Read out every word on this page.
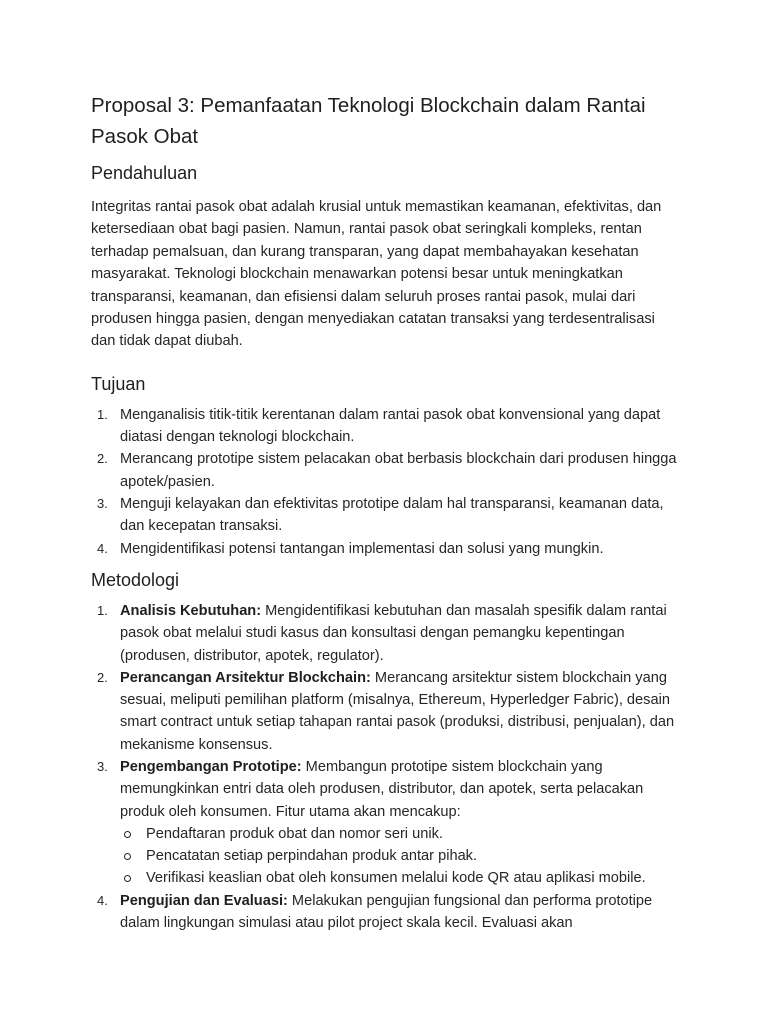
Proposal 3: Pemanfaatan Teknologi Blockchain dalam Rantai Pasok Obat
Pendahuluan

Integritas rantai pasok obat adalah krusial untuk memastikan keamanan, efektivitas, dan ketersediaan obat bagi pasien. Namun, rantai pasok obat seringkali kompleks, rentan terhadap pemalsuan, dan kurang transparan, yang dapat membahayakan kesehatan masyarakat. Teknologi blockchain menawarkan potensi besar untuk meningkatkan transparansi, keamanan, dan efisiensi dalam seluruh proses rantai pasok, mulai dari produsen hingga pasien, dengan menyediakan catatan transaksi yang terdesentralisasi dan tidak dapat diubah.

Tujuan
1. Menganalisis titik-titik kerentanan dalam rantai pasok obat konvensional yang dapat diatasi dengan teknologi blockchain.
2. Merancang prototipe sistem pelacakan obat berbasis blockchain dari produsen hingga apotek/pasien.
3. Menguji kelayakan dan efektivitas prototipe dalam hal transparansi, keamanan data, dan kecepatan transaksi.
4. Mengidentifikasi potensi tantangan implementasi dan solusi yang mungkin.
Metodologi
1. Analisis Kebutuhan: Mengidentifikasi kebutuhan dan masalah spesifik dalam rantai pasok obat melalui studi kasus dan konsultasi dengan pemangku kepentingan (produsen, distributor, apotek, regulator).
2. Perancangan Arsitektur Blockchain: Merancang arsitektur sistem blockchain yang sesuai, meliputi pemilihan platform (misalnya, Ethereum, Hyperledger Fabric), desain smart contract untuk setiap tahapan rantai pasok (produksi, distribusi, penjualan), dan mekanisme konsensus.
3. Pengembangan Prototipe: Membangun prototipe sistem blockchain yang memungkinkan entri data oleh produsen, distributor, dan apotek, serta pelacakan produk oleh konsumen. Fitur utama akan mencakup:
Pendaftaran produk obat dan nomor seri unik.
Pencatatan setiap perpindahan produk antar pihak.
Verifikasi keaslian obat oleh konsumen melalui kode QR atau aplikasi mobile.
4. Pengujian dan Evaluasi: Melakukan pengujian fungsional dan performa prototipe dalam lingkungan simulasi atau pilot project skala kecil. Evaluasi akan
